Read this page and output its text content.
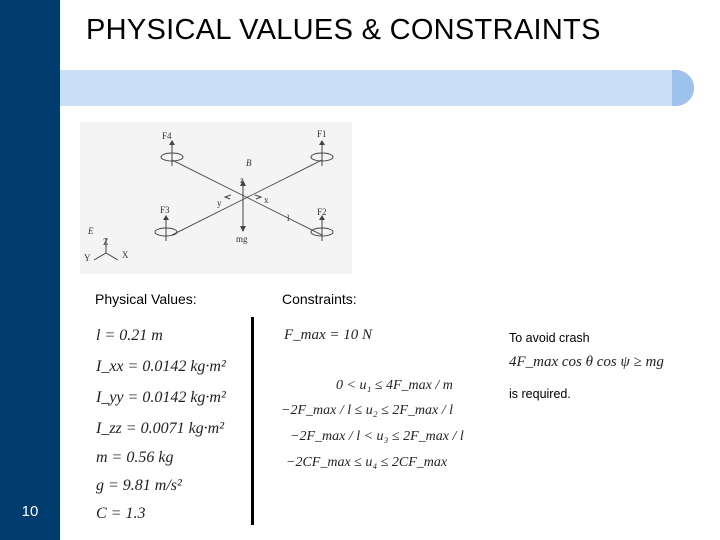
10
PHYSICAL VALUES & CONSTRAINTS
F4	F1
F3	F2
B
z
y	x
mg
l
E
Z
Y	X
Physical Values:	Constraints:
l = 0.21 m
I_xx = 0.0142 kg·m²
I_yy = 0.0142 kg·m²
I_zz = 0.0071 kg·m²
m = 0.56 kg
g = 9.81 m/s²
C = 1.3
F_max = 10 N
0 < u₁ ≤ 4F_max / m
−2F_max / l ≤ u₂ ≤ 2F_max / l
−2F_max / l < u₃ ≤ 2F_max / l
−2CF_max ≤ u₄ ≤ 2CF_max
To avoid crash
4F_max cos θ cos ψ ≥ mg
is required.
